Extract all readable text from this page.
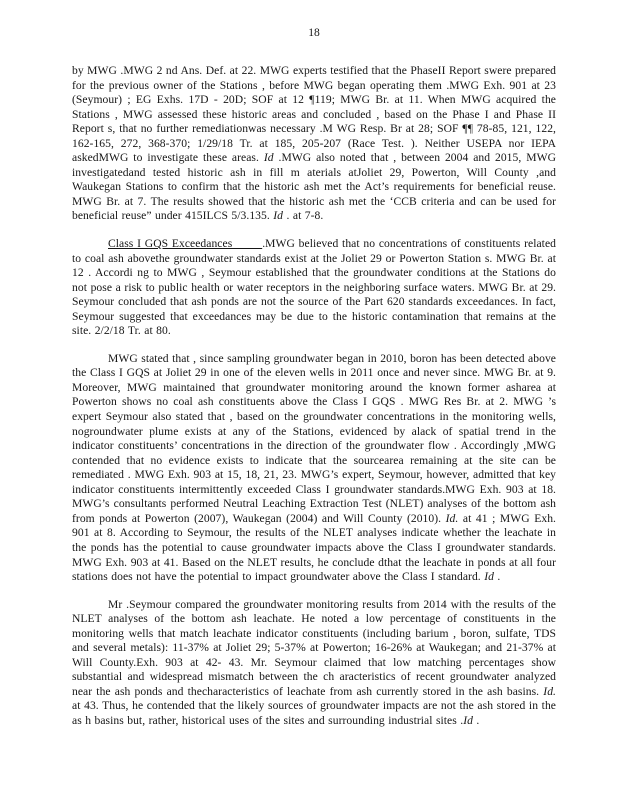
18

by MWG .MWG 2 nd Ans. Def. at 22. MWG experts testified that the PhaseII Report swere prepared for the previous owner of the Stations , before MWG began operating them .MWG Exh. 901 at 23 (Seymour) ; EG Exhs. 17D - 20D; SOF at 12 ¶119; MWG Br. at 11. When MWG acquired the Stations , MWG assessed these historic areas and concluded , based on the Phase I and Phase II Report s, that no further remediationwas necessary .M WG Resp. Br at 28; SOF ¶¶ 78-85, 121, 122, 162-165, 272, 368-370; 1/29/18 Tr. at 185, 205-207 (Race Test. ). Neither USEPA nor IEPA askedMWG to investigate these areas. Id .MWG also noted that , between 2004 and 2015, MWG investigatedand tested historic ash in fill m aterials atJoliet 29, Powerton, Will County ,and Waukegan Stations to confirm that the historic ash met the Act’s requirements for beneficial reuse. MWG Br. at 7. The results showed that the historic ash met the ‘CCB criteria and can be used for beneficial reuse” under 415ILCS 5/3.135. Id . at 7-8.

Class I GQS Exceedances        .MWG believed that no concentrations of constituents related to coal ash abovethe groundwater standards exist at the Joliet 29 or Powerton Station s. MWG Br. at 12 . Accordi ng to MWG , Seymour established that the groundwater conditions at the Stations do not pose a risk to public health or water receptors in the neighboring surface waters. MWG Br. at 29. Seymour concluded that ash ponds are not the source of the Part 620 standards exceedances. In fact, Seymour suggested that exceedances may be due to the historic contamination that remains at the site. 2/2/18 Tr. at 80.

MWG stated that , since sampling groundwater began in 2010, boron has been detected above the Class I GQS at Joliet 29 in one of the eleven wells in 2011 once and never since. MWG Br. at 9. Moreover, MWG maintained that groundwater monitoring around the known former asharea at Powerton shows no coal ash constituents above the Class I GQS . MWG Res Br. at 2. MWG ’s expert Seymour also stated that , based on the groundwater concentrations in the monitoring wells, nogroundwater plume exists at any of the Stations, evidenced by alack of spatial trend in the indicator constituents’ concentrations in the direction of the groundwater flow . Accordingly ,MWG contended that no evidence exists to indicate that the sourcearea remaining at the site can be remediated . MWG Exh. 903 at 15, 18, 21, 23. MWG’s expert, Seymour, however, admitted that key indicator constituents intermittently exceeded Class I groundwater standards.MWG Exh. 903 at 18. MWG’s consultants performed Neutral Leaching Extraction Test (NLET) analyses of the bottom ash from ponds at Powerton (2007), Waukegan (2004) and Will County (2010). Id. at 41 ; MWG Exh. 901 at 8. According to Seymour, the results of the NLET analyses indicate whether the leachate in the ponds has the potential to cause groundwater impacts above the Class I groundwater standards. MWG Exh. 903 at 41. Based on the NLET results, he conclude dthat the leachate in ponds at all four stations does not have the potential to impact groundwater above the Class I standard. Id .

Mr .Seymour compared the groundwater monitoring results from 2014 with the results of the NLET analyses of the bottom ash leachate. He noted a low percentage of constituents in the monitoring wells that match leachate indicator constituents (including barium , boron, sulfate, TDS and several metals): 11-37% at Joliet 29; 5-37% at Powerton; 16-26% at Waukegan; and 21-37% at Will County.Exh. 903 at 42- 43. Mr. Seymour claimed that low matching percentages show substantial and widespread mismatch between the ch aracteristics of recent groundwater analyzed near the ash ponds and thecharacteristics of leachate from ash currently stored in the ash basins. Id. at 43. Thus, he contended that the likely sources of groundwater impacts are not the ash stored in the as h basins but, rather, historical uses of the sites and surrounding industrial sites .Id .
